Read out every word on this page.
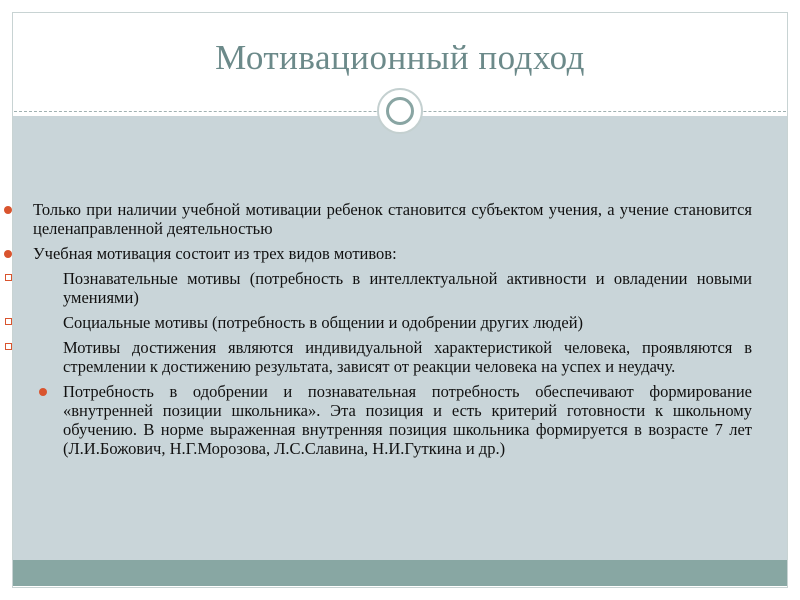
Мотивационный подход
Только при наличии учебной мотивации ребенок становится субъектом учения, а учение становится целенаправленной деятельностью
Учебная мотивация состоит из трех видов мотивов:
Познавательные мотивы (потребность в интеллектуальной активности и овладении новыми умениями)
Социальные мотивы (потребность в общении и одобрении других людей)
Мотивы достижения являются индивидуальной характеристикой человека, проявляются в стремлении к достижению результата, зависят от реакции человека на успех и неудачу.
Потребность в одобрении и познавательная потребность обеспечивают формирование «внутренней позиции школьника». Эта позиция и есть критерий готовности к школьному обучению. В норме выраженная внутренняя позиция школьника формируется в возрасте 7 лет (Л.И.Божович, Н.Г.Морозова, Л.С.Славина, Н.И.Гуткина и др.)
